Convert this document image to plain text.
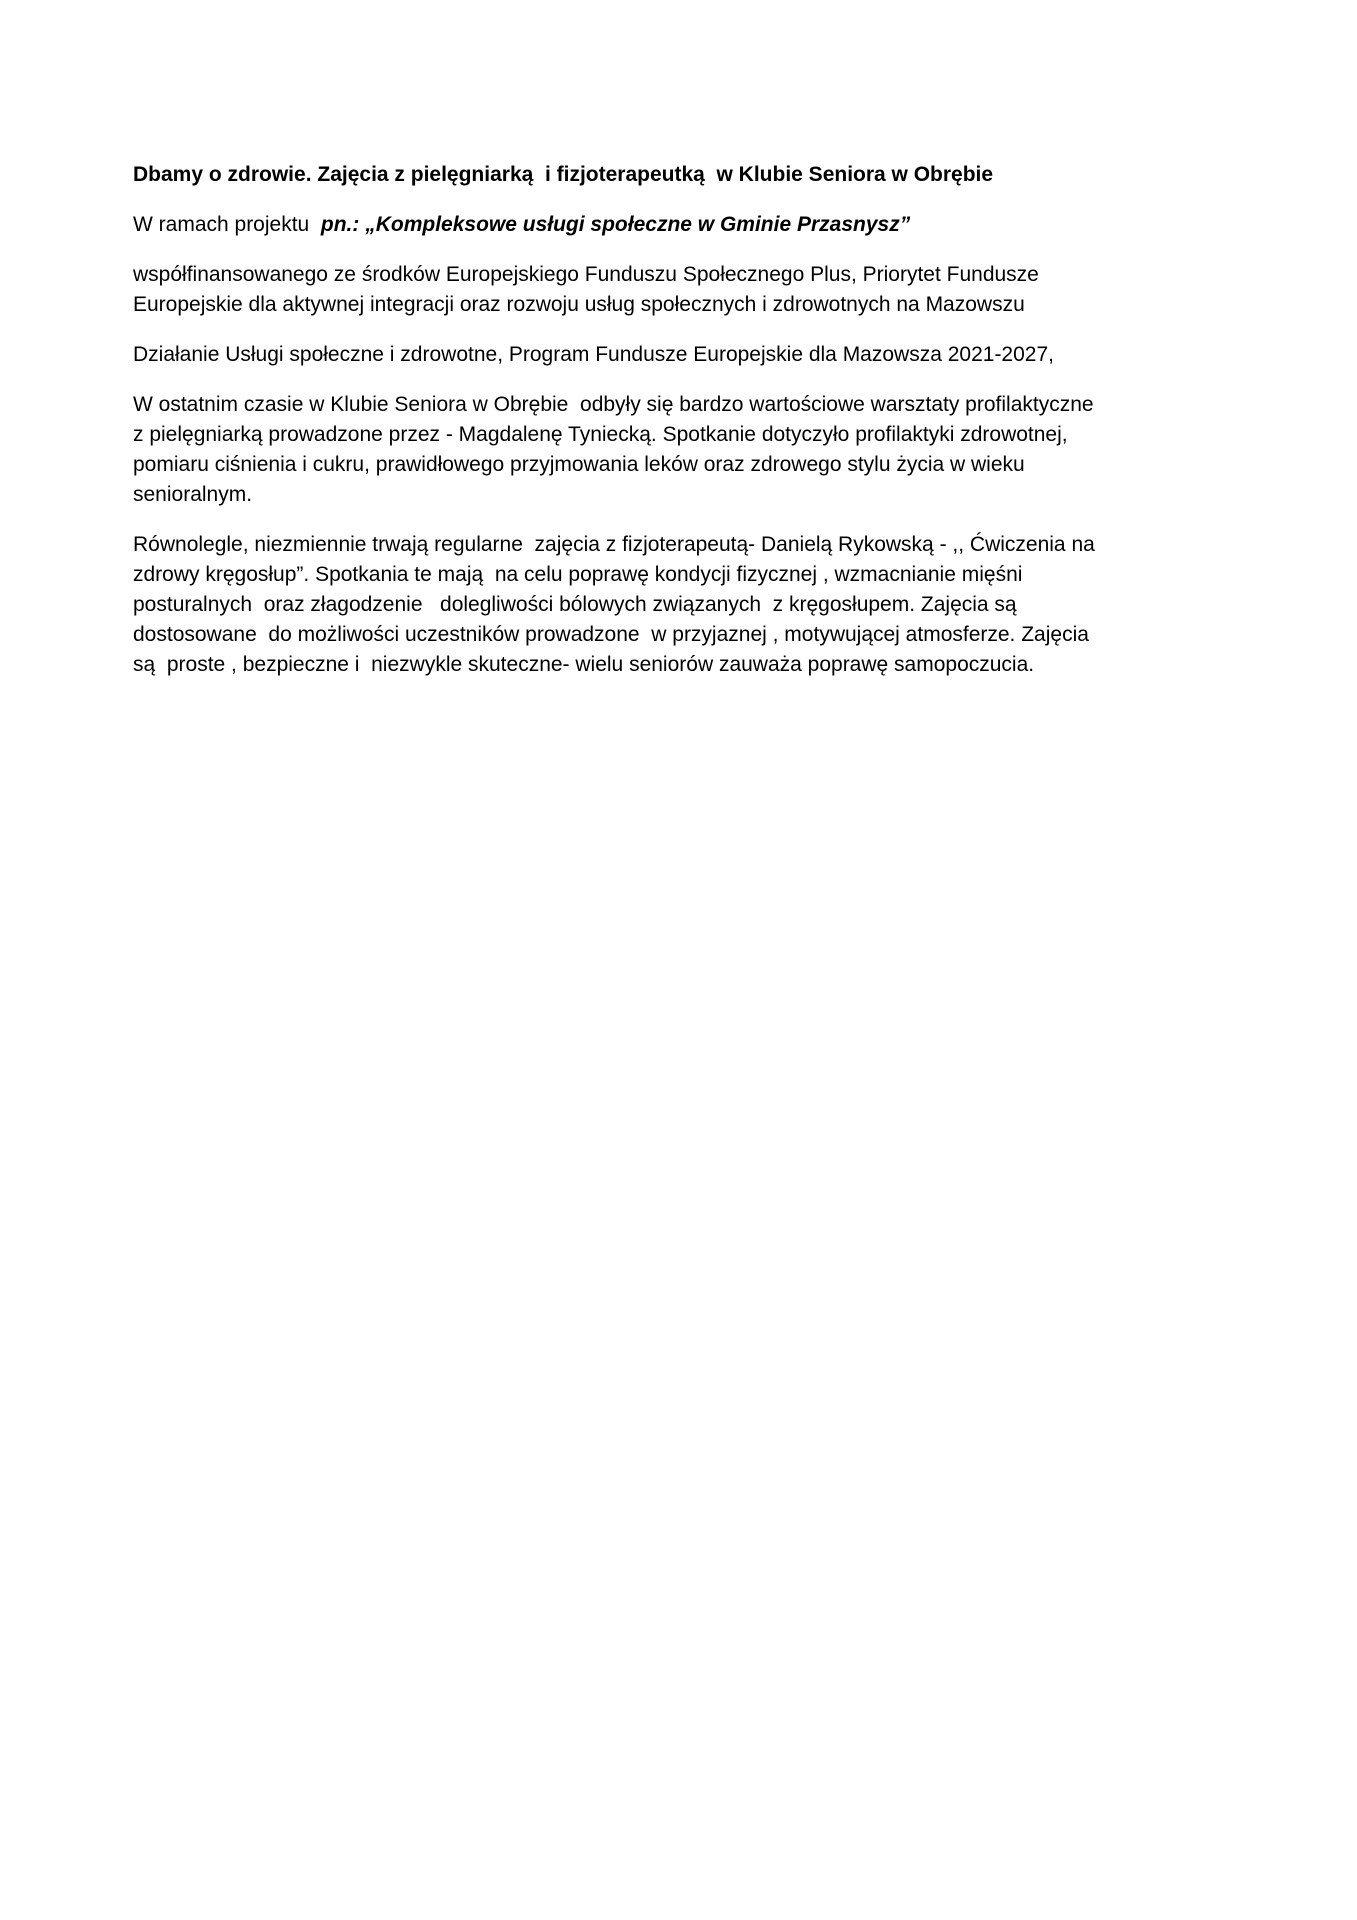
Dbamy o zdrowie. Zajęcia z pielęgniarką  i fizjoterapeutką  w Klubie Seniora w Obrębie

W ramach projektu  pn.: „Kompleksowe usługi społeczne w Gminie Przasnysz”

współfinansowanego ze środków Europejskiego Funduszu Społecznego Plus, Priorytet Fundusze Europejskie dla aktywnej integracji oraz rozwoju usług społecznych i zdrowotnych na Mazowszu

Działanie Usługi społeczne i zdrowotne, Program Fundusze Europejskie dla Mazowsza 2021-2027,

W ostatnim czasie w Klubie Seniora w Obrębie  odbyły się bardzo wartościowe warsztaty profilaktyczne  z pielęgniarką prowadzone przez - Magdalenę Tyniecką. Spotkanie dotyczyło profilaktyki zdrowotnej, pomiaru ciśnienia i cukru, prawidłowego przyjmowania leków oraz zdrowego stylu życia w wieku senioralnym.

Równolegle, niezmiennie trwają regularne  zajęcia z fizjoterapeutą- Danielą Rykowską - ,, Ćwiczenia na zdrowy kręgosłup”. Spotkania te mają  na celu poprawę kondycji fizycznej , wzmacnianie mięśni posturalnych  oraz złagodzenie   dolegliwości bólowych związanych  z kręgosłupem. Zajęcia są dostosowane  do możliwości uczestników prowadzone  w przyjaznej , motywującej atmosferze. Zajęcia są  proste , bezpieczne i  niezwykle skuteczne- wielu seniorów zauważa poprawę samopoczucia.
